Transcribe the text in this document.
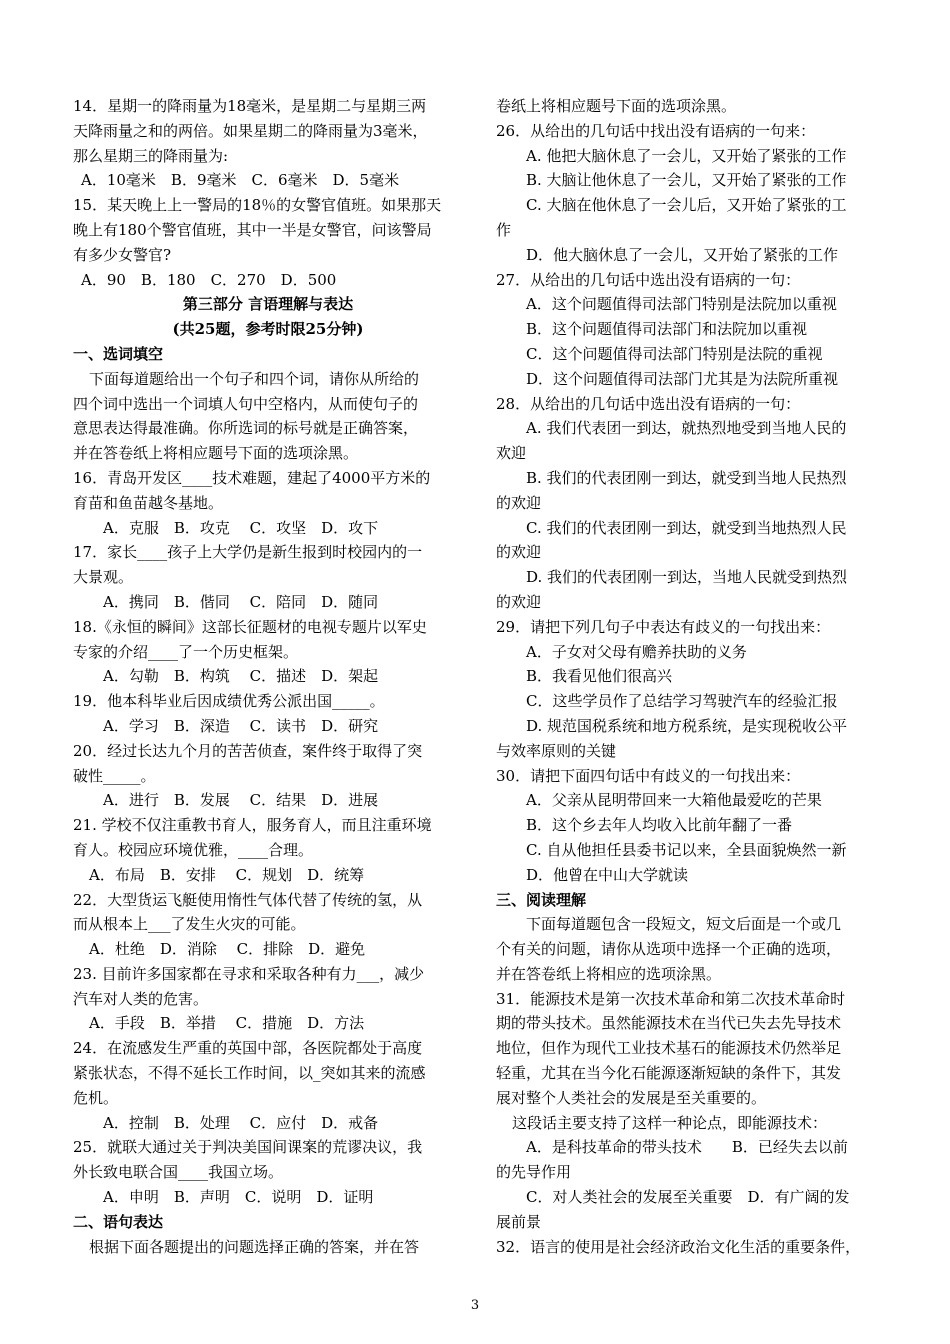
14．星期一的降雨量为18毫米，是星期二与星期三两
天降雨量之和的两倍。如果星期二的降雨量为3毫米，
那么星期三的降雨量为:
A．10毫米　B．9毫米　C．6毫米　D．5毫米
15．某天晚上上一警局的18％的女警官值班。如果那天
晚上有180个警官值班，其中一半是女警官，问该警局
有多少女警官?
A．90　B．180　C．270　D．500
第三部分 言语理解与表达
(共25题，参考时限25分钟)
一、选词填空
下面每道题给出一个句子和四个词，请你从所给的
四个词中选出一个词填人句中空格内，从而使句子的
意思表达得最准确。你所选词的标号就是正确答案，
并在答卷纸上将相应题号下面的选项涂黑。
16．青岛开发区____技术难题，建起了4000平方米的
育苗和鱼苗越冬基地。
A．克服　B．攻克　 C．攻坚　D．攻下
17．家长____孩子上大学仍是新生报到时校园内的一
大景观。
A．携同　B．偕同　 C．陪同　D．随同
18.《永恒的瞬间》这部长征题材的电视专题片以军史
专家的介绍____了一个历史框架。
A．勾勒　B．构筑　 C．描述　D．架起
19．他本科毕业后因成绩优秀公派出国_____。
A．学习　B．深造　 C．读书　D．研究
20．经过长达九个月的苦苦侦查，案件终于取得了突
破性_____。
A．进行　B．发展　 C．结果　D．进展
21. 学校不仅注重教书育人，服务育人，而且注重环境
育人。校园应环境优雅，____合理。
A．布局　B．安排　 C．规划　D．统筹
22．大型货运飞艇使用惰性气体代替了传统的氢，从
而从根本上___了发生火灾的可能。
A．杜绝　D．消除　 C．排除　D．避免
23. 目前许多国家都在寻求和采取各种有力___，减少
汽车对人类的危害。
A．手段　B．举措　 C．措施　D．方法
24．在流感发生严重的英国中部，各医院都处于高度
紧张状态，不得不延长工作时间，以_突如其来的流感
危机。
A．控制　B．处理　 C．应付　D．戒备
25．就联大通过关于判决美国间课案的荒谬决议，我
外长致电联合国____我国立场。
A．申明　B．声明　C．说明　D．证明
二、语句表达
根据下面各题提出的问题选择正确的答案，并在答
卷纸上将相应题号下面的选项涂黑。
26．从给出的几句话中找出没有语病的一句来：
A. 他把大脑休息了一会儿，又开始了紧张的工作
B. 大脑让他休息了一会儿，又开始了紧张的工作
C. 大脑在他休息了一会儿后，又开始了紧张的工
作
D．他大脑休息了一会儿，又开始了紧张的工作
27．从给出的几句话中选出没有语病的一句：
A．这个问题值得司法部门特别是法院加以重视
B．这个问题值得司法部门和法院加以重视
C．这个问题值得司法部门特别是法院的重视
D．这个问题值得司法部门尤其是为法院所重视
28．从给出的几句话中选出没有语病的一句：
A. 我们代表团一到达，就热烈地受到当地人民的
欢迎
B. 我们的代表团刚一到达，就受到当地人民热烈
的欢迎
C. 我们的代表团刚一到达，就受到当地热烈人民
的欢迎
D. 我们的代表团刚一到达，当地人民就受到热烈
的欢迎
29．请把下列几句子中表达有歧义的一句找出来：
A．子女对父母有赡养扶助的义务
B．我看见他们很高兴
C．这些学员作了总结学习驾驶汽车的经验汇报
D. 规范国税系统和地方税系统，是实现税收公平
与效率原则的关键
30．请把下面四句话中有歧义的一句找出来：
A．父亲从昆明带回来一大箱他最爱吃的芒果
B．这个乡去年人均收入比前年翻了一番
C. 自从他担任县委书记以来，全县面貌焕然一新
D．他曾在中山大学就读
三、阅读理解
下面每道题包含一段短文，短文后面是一个或几
个有关的问题，请你从选项中选择一个正确的选项，
并在答卷纸上将相应的选项涂黑。
31．能源技术是第一次技术革命和第二次技术革命时
期的带头技术。虽然能源技术在当代已失去先导技术
地位，但作为现代工业技术基石的能源技术仍然举足
轻重，尤其在当今化石能源逐渐短缺的条件下，其发
展对整个人类社会的发展是至关重要的。
这段话主要支持了这样一种论点，即能源技术：
A．是科技革命的带头技术　　B．已经失去以前
的先导作用
C．对人类社会的发展至关重要　D．有广阔的发
展前景
32．语言的使用是社会经济政治文化生活的重要条件，
3
